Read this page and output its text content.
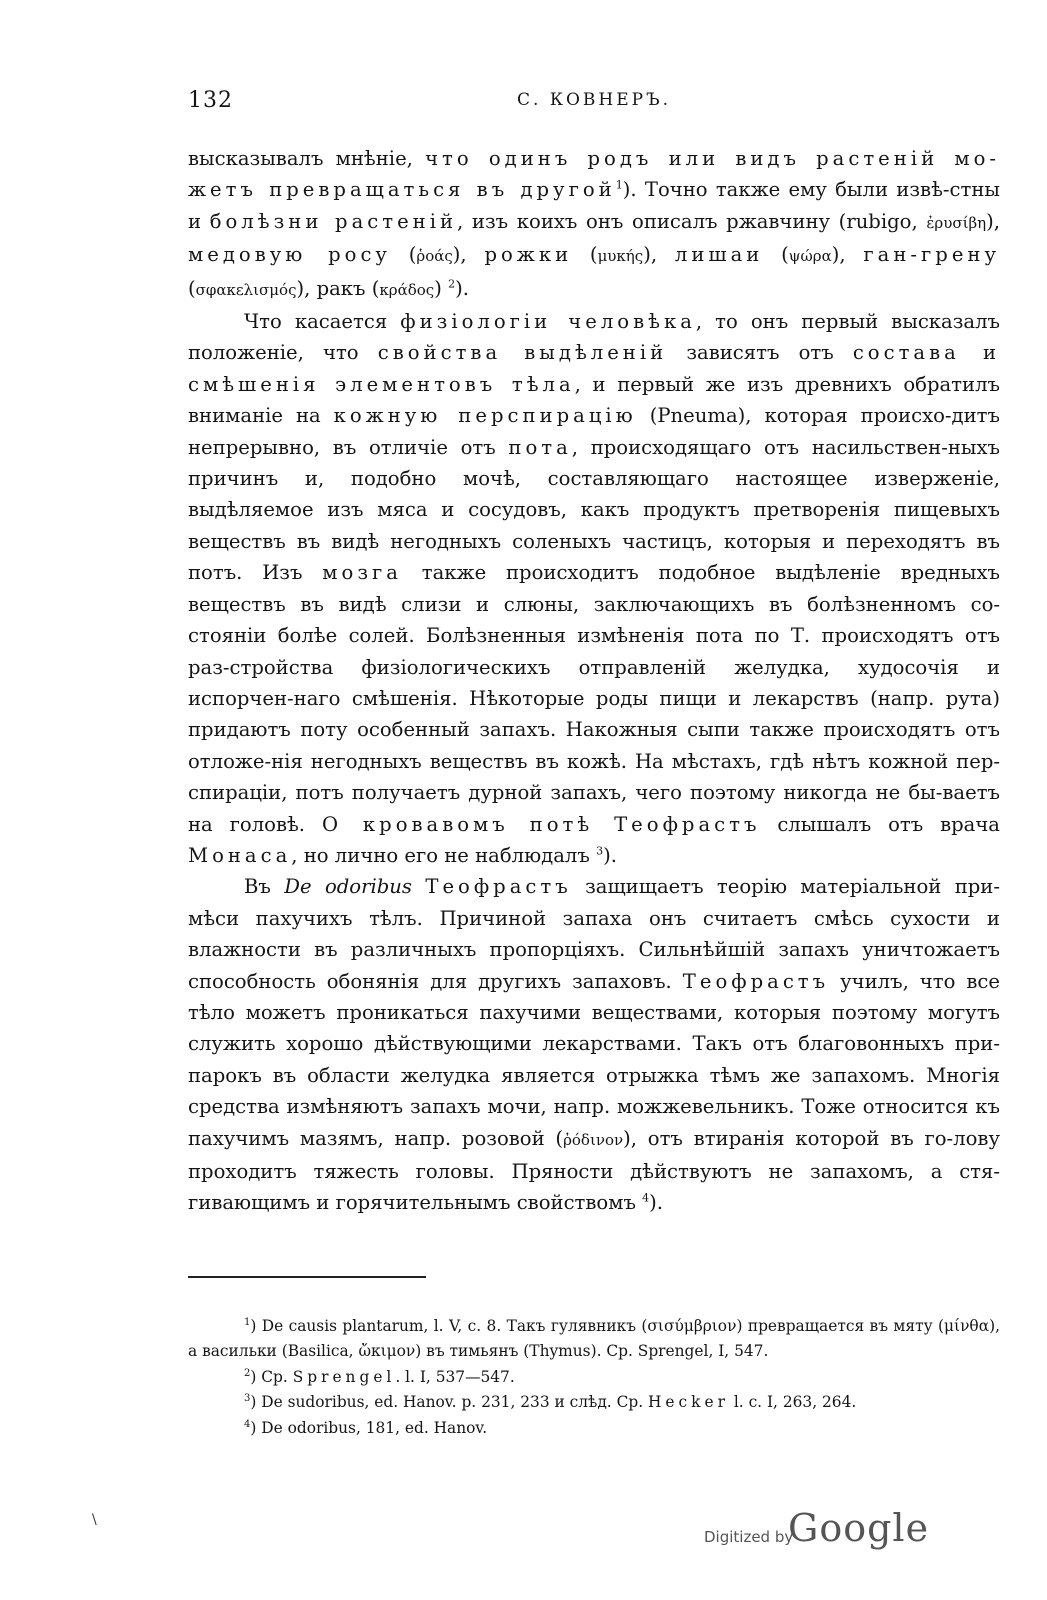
132	С. КОВНЕРЪ.

высказывалъ мнѣніе, что одинъ родъ или видъ растеній мо-жетъ превращаться въ другой$^1$). Точно также ему были извѣ-стны и болѣзни растеній, изъ коихъ онъ описалъ ржавчину (rubigo, ἐρυσίβη), медовую росу (ῥοάς), рожки (μυκής), лишаи (ψώρα), ган-грену (σφακελισμός), ракъ (κράδος) $^2$).

Что касается физіологіи человѣка, то онъ первый высказалъ положеніе, что свойства выдѣленій зависятъ отъ состава и смѣшенія элементовъ тѣла, и первый же изъ древнихъ обратилъ вниманіе на кожную перспирацію (Pneuma), которая происхо-дитъ непрерывно, въ отличіе отъ пота, происходящаго отъ насильствен-ныхъ причинъ и, подобно мочѣ, составляющаго настоящее изверженіе, выдѣляемое изъ мяса и сосудовъ, какъ продуктъ претворенія пищевыхъ веществъ въ видѣ негодныхъ соленыхъ частицъ, которыя и переходятъ въ потъ. Изъ мозга также происходитъ подобное выдѣленіе вредныхъ веществъ въ видѣ слизи и слюны, заключающихъ въ болѣзненномъ со-стояніи болѣе солей. Болѣзненныя измѣненія пота по Т. происходятъ отъ раз-стройства физіологическихъ отправленій желудка, худосочія и испорчен-наго смѣшенія. Нѣкоторые роды пищи и лекарствъ (напр. рута) придаютъ поту особенный запахъ. Накожныя сыпи также происходятъ отъ отложе-нія негодныхъ веществъ въ кожѣ. На мѣстахъ, гдѣ нѣтъ кожной пер-спираціи, потъ получаетъ дурной запахъ, чего поэтому никогда не бы-ваетъ на головѣ. О кровавомъ потѣ Теофрастъ слышалъ отъ врача Монаса, но лично его не наблюдалъ $^3$).

Въ De odoribus Теофрастъ защищаетъ теорію матеріальной при-мѣси пахучихъ тѣлъ. Причиной запаха онъ считаетъ смѣсь сухости и влажности въ различныхъ пропорціяхъ. Сильнѣйшій запахъ уничтожаетъ способность обонянія для другихъ запаховъ. Теофрастъ училъ, что все тѣло можетъ проникаться пахучими веществами, которыя поэтому могутъ служить хорошо дѣйствующими лекарствами. Такъ отъ благовонныхъ при-парокъ въ области желудка является отрыжка тѣмъ же запахомъ. Многія средства измѣняютъ запахъ мочи, напр. можжевельникъ. Тоже относится къ пахучимъ мазямъ, напр. розовой (ῥόδινον), отъ втиранія которой въ го-лову проходитъ тяжесть головы. Пряности дѣйствуютъ не запахомъ, а стя-гивающимъ и горячительнымъ свойствомъ $^4$).

$^1$) De causis plantarum, l. V, c. 8. Такъ гулявникъ (σισύμβριον) превращается въ мяту (μίνθα), а васильки (Basilica, ὤκιμον) въ тимьянъ (Thymus). Ср. Sprengel, I, 547.

$^2$) Ср. Sprengel. l. I, 537—547.

$^3$) De sudoribus, ed. Hanov. p. 231, 233 и слѣд. Ср. Hecker l. c. I, 263, 264.

$^4$) De odoribus, 181, ed. Hanov.

\
Digitized by
Google
